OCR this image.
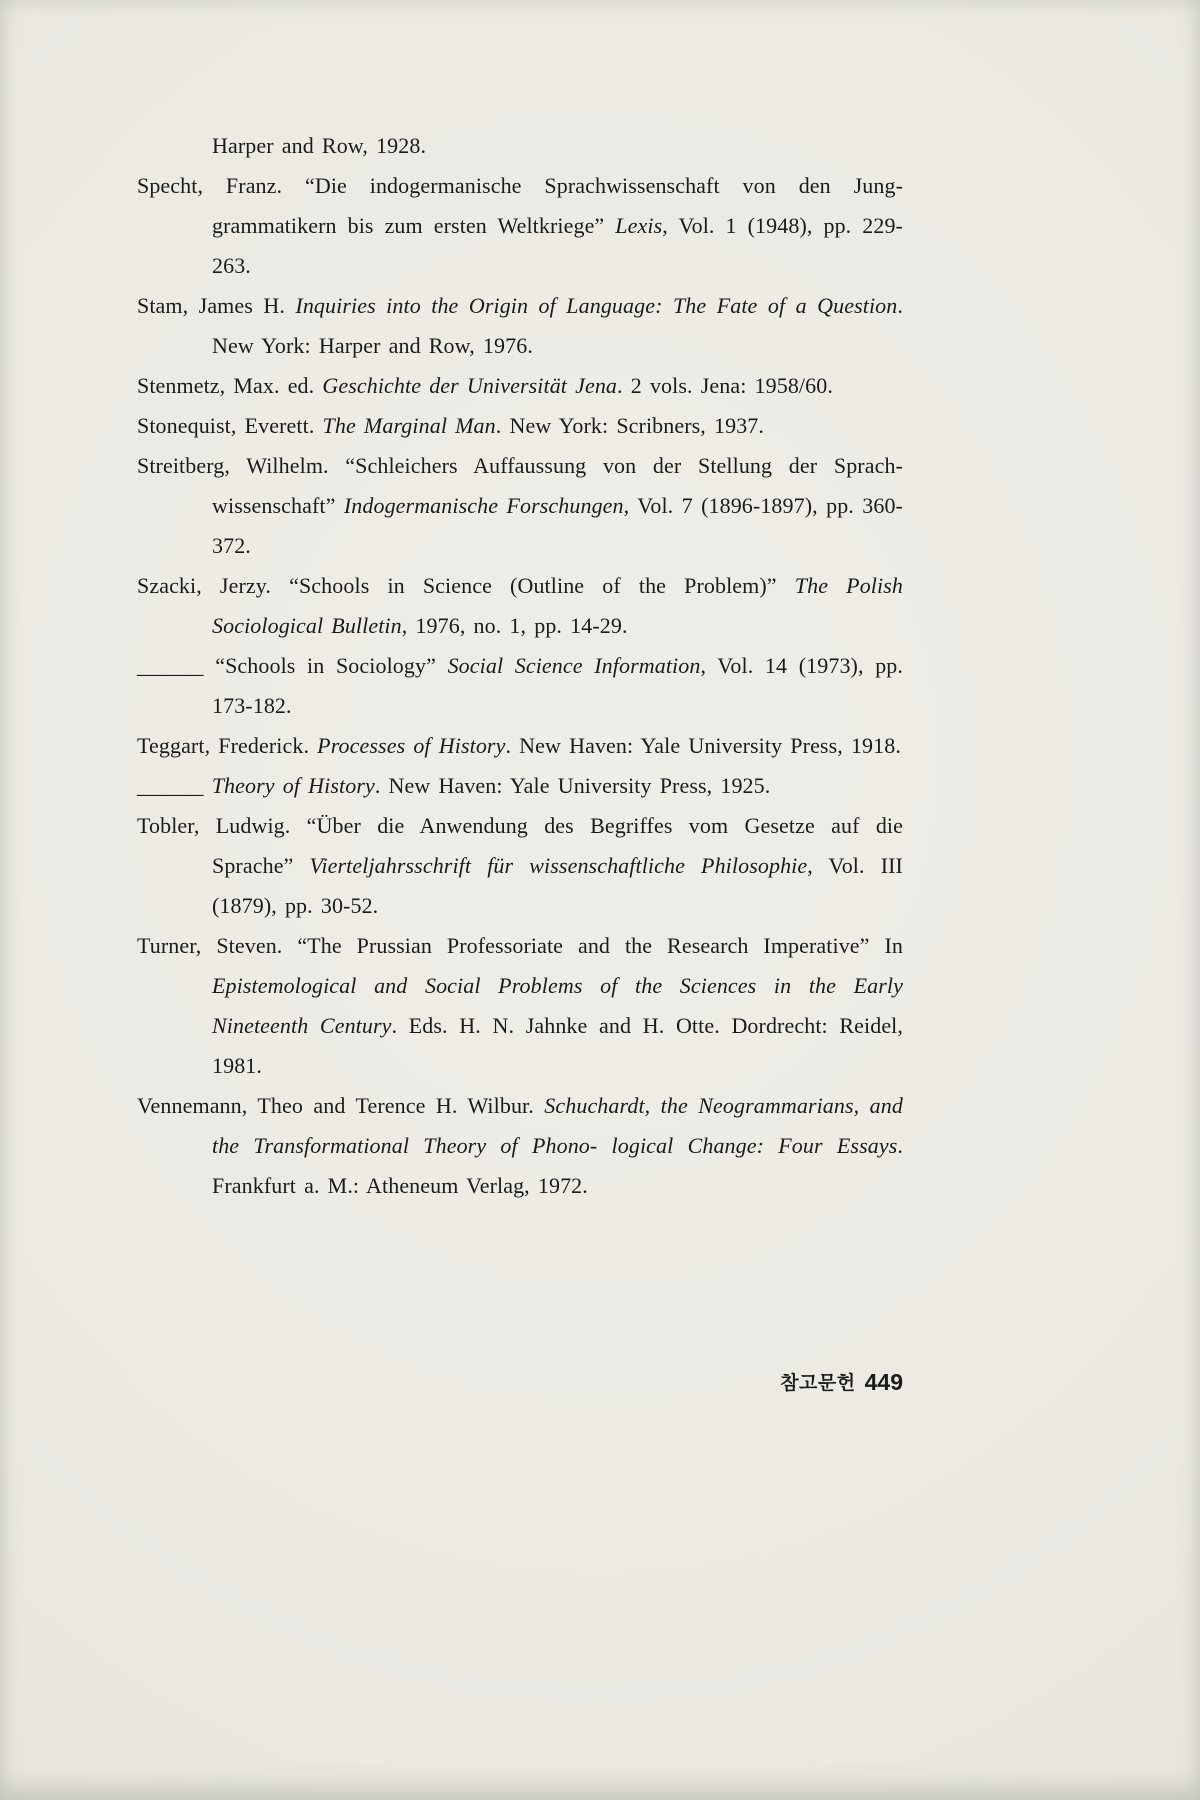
Harper and Row, 1928.

Specht, Franz. “Die indogermanische Sprachwissenschaft von den Jung-grammatikern bis zum ersten Weltkriege” Lexis, Vol. 1 (1948), pp. 229-263.

Stam, James H. Inquiries into the Origin of Language: The Fate of a Question. New York: Harper and Row, 1976.

Stenmetz, Max. ed. Geschichte der Universität Jena. 2 vols. Jena: 1958/60.

Stonequist, Everett. The Marginal Man. New York: Scribners, 1937.

Streitberg, Wilhelm. “Schleichers Auffaussung von der Stellung der Sprach- wissenschaft” Indogermanische Forschungen, Vol. 7 (1896-1897), pp. 360-372.

Szacki, Jerzy. “Schools in Science (Outline of the Problem)” The Polish Sociological Bulletin, 1976, no. 1, pp. 14-29.

______ “Schools in Sociology” Social Science Information, Vol. 14 (1973), pp. 173-182.

Teggart, Frederick. Processes of History. New Haven: Yale University Press, 1918.

______ Theory of History. New Haven: Yale University Press, 1925.

Tobler, Ludwig. “Über die Anwendung des Begriffes vom Gesetze auf die Sprache” Vierteljahrsschrift für wissenschaftliche Philosophie, Vol. III (1879), pp. 30-52.

Turner, Steven. “The Prussian Professoriate and the Research Imperative” In Epistemological and Social Problems of the Sciences in the Early Nineteenth Century. Eds. H. N. Jahnke and H. Otte. Dordrecht: Reidel, 1981.

Vennemann, Theo and Terence H. Wilbur. Schuchardt, the Neogrammarians, and the Transformational Theory of Phono- logical Change: Four Essays. Frankfurt a. M.: Atheneum Verlag, 1972.

참고문헌 449
